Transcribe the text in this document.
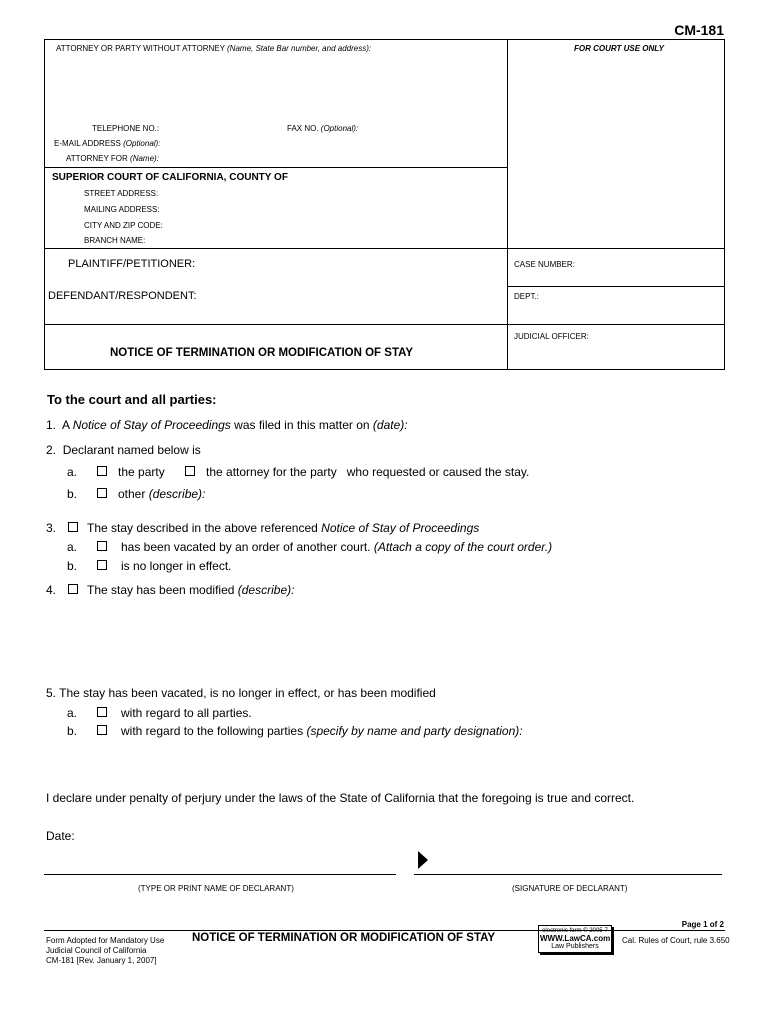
CM-181
ATTORNEY OR PARTY WITHOUT ATTORNEY (Name, State Bar number, and address):	FOR COURT USE ONLY
TELEPHONE NO.:	FAX NO. (Optional):
E-MAIL ADDRESS (Optional):
ATTORNEY FOR (Name):
SUPERIOR COURT OF CALIFORNIA, COUNTY OF
STREET ADDRESS:
MAILING ADDRESS:
CITY AND ZIP CODE:
BRANCH NAME:
PLAINTIFF/PETITIONER:
DEFENDANT/RESPONDENT:
CASE NUMBER:
DEPT.:
JUDICIAL OFFICER:
NOTICE OF TERMINATION OR MODIFICATION OF STAY
To the court and all parties:
1. A Notice of Stay of Proceedings was filed in this matter on (date):
2. Declarant named below is
a.	the party	the attorney for the party who requested or caused the stay.
b.	other (describe):
3.	The stay described in the above referenced Notice of Stay of Proceedings
a.	has been vacated by an order of another court. (Attach a copy of the court order.)
b.	is no longer in effect.
4.	The stay has been modified (describe):
5. The stay has been vacated, is no longer in effect, or has been modified
a.	with regard to all parties.
b.	with regard to the following parties (specify by name and party designation):
I declare under penalty of perjury under the laws of the State of California that the foregoing is true and correct.
Date:
(TYPE OR PRINT NAME OF DECLARANT)	(SIGNATURE OF DECLARANT)
Page 1 of 2
Form Adopted for Mandatory Use
Judicial Council of California
CM-181 [Rev. January 1, 2007]
NOTICE OF TERMINATION OR MODIFICATION OF STAY
electronic form © 2005-7
WWW.LawCA.com
Law Publishers
Cal. Rules of Court, rule 3.650
